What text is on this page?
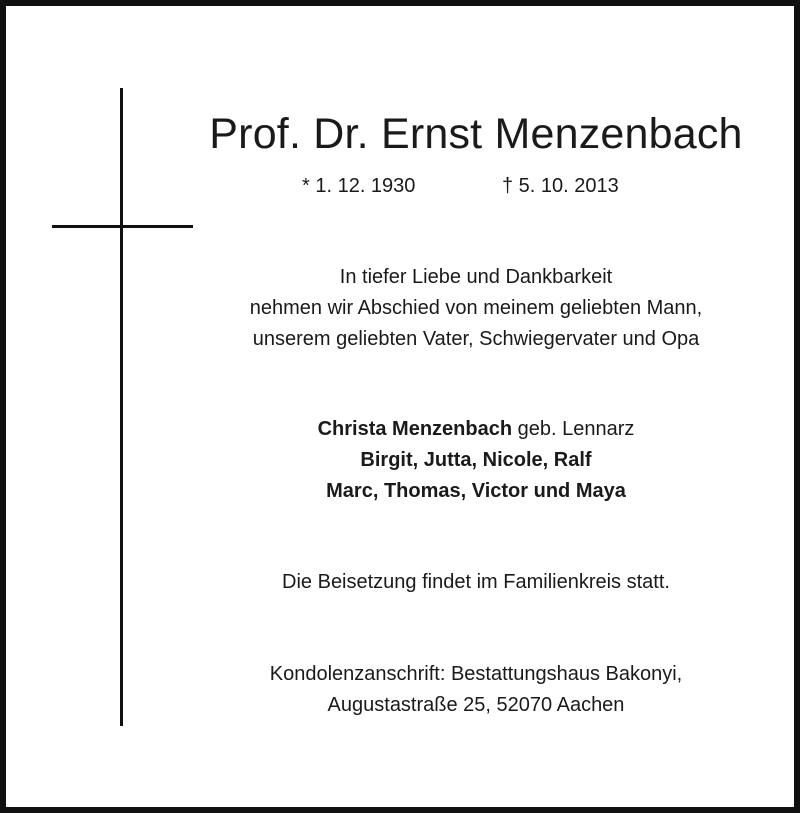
Prof. Dr. Ernst Menzenbach
* 1. 12. 1930	† 5. 10. 2013
In tiefer Liebe und Dankbarkeit
nehmen wir Abschied von meinem geliebten Mann,
unserem geliebten Vater, Schwiegervater und Opa
Christa Menzenbach geb. Lennarz
Birgit, Jutta, Nicole, Ralf
Marc, Thomas, Victor und Maya
Die Beisetzung findet im Familienkreis statt.
Kondolenzanschrift: Bestattungshaus Bakonyi,
Augustastraße 25, 52070 Aachen
